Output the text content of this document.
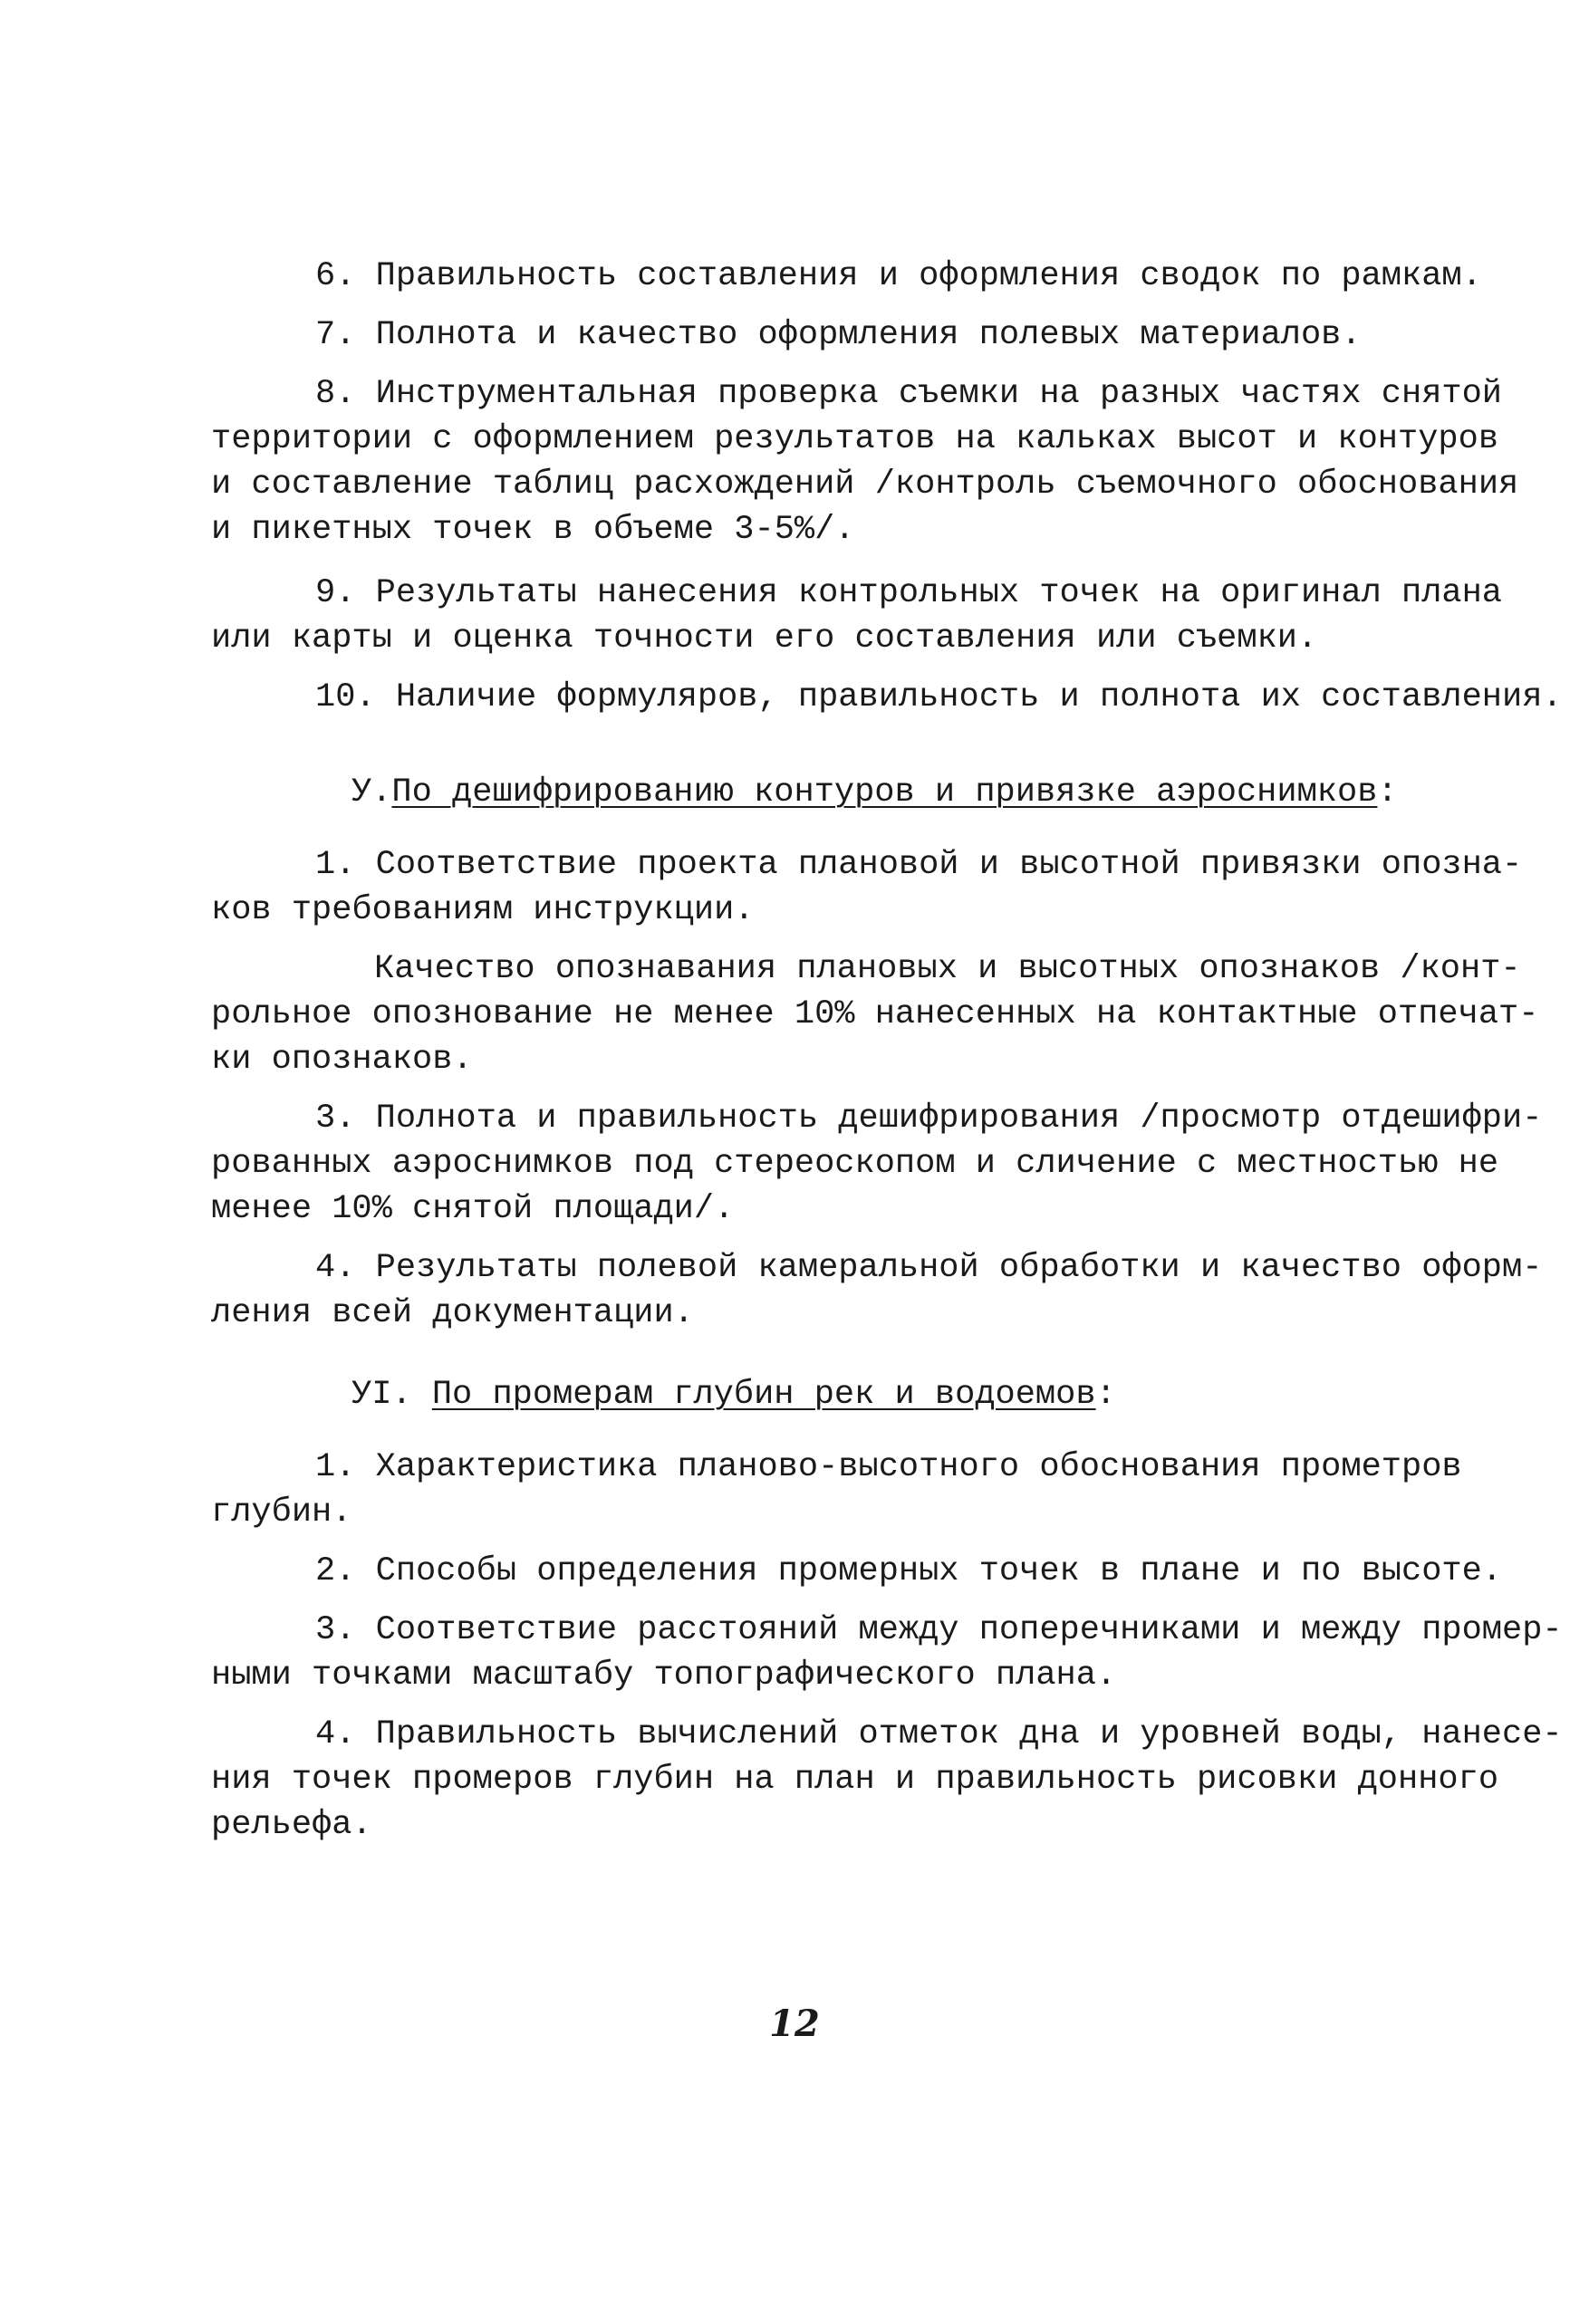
6. Правильность составления и оформления сводок по рамкам.
7. Полнота и качество оформления полевых материалов.
8. Инструментальная проверка съемки на разных частях снятой
территории с оформлением результатов на кальках высот и контуров
и составление таблиц расхождений /контроль съемочного обоснования
и пикетных точек в объеме 3-5%/.
9. Результаты нанесения контрольных точек на оригинал плана
или карты и оценка точности его составления или съемки.
10. Наличие формуляров, правильность и полнота их составления.
У.По дешифрированию контуров и привязке аэроснимков:
1. Соответствие проекта плановой и высотной привязки опозна-
ков требованиям инструкции.
Качество опознавания плановых и высотных опознаков /конт-
рольное опознование не менее 10% нанесенных на контактные отпечат-
ки опознаков.
3. Полнота и правильность дешифрирования /просмотр отдешифри-
рованных аэроснимков под стереоскопом и сличение с местностью не
менее 10% снятой площади/.
4. Результаты полевой камеральной обработки и качество оформ-
ления всей документации.
УI. По промерам глубин рек и водоемов:
1. Характеристика планово-высотного обоснования прометров
глубин.
2. Способы определения промерных точек в плане и по высоте.
3. Соответствие расстояний между поперечниками и между промер-
ными точками масштабу топографического плана.
4. Правильность вычислений отметок дна и уровней воды, нанесе-
ния точек промеров глубин на план и правильность рисовки донного
рельефа.
12
